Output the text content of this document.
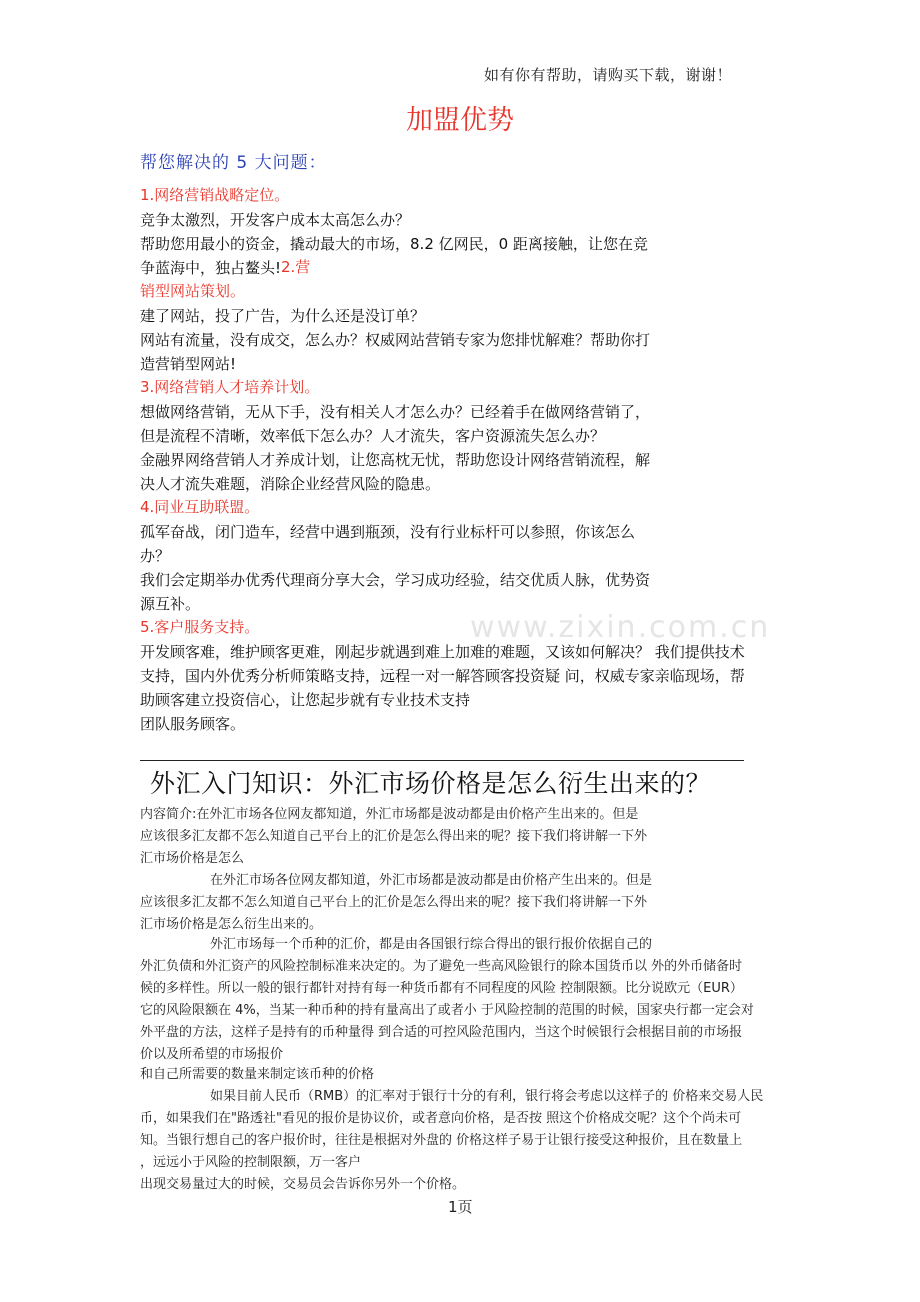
如有你有帮助，请购买下载，谢谢！
加盟优势
帮您解决的 5 大问题：
1.网络营销战略定位。
竞争太激烈，开发客户成本太高怎么办？
帮助您用最小的资金，撬动最大的市场，8.2 亿网民，0 距离接触，让您在竞
争蓝海中，独占鳌头! 2.营
销型网站策划。
建了网站，投了广告，为什么还是没订单？
网站有流量，没有成交，怎么办？权威网站营销专家为您排忧解难？帮助你打
造营销型网站!
3.网络营销人才培养计划。
想做网络营销，无从下手，没有相关人才怎么办？已经着手在做网络营销了，
但是流程不清晰，效率低下怎么办？人才流失，客户资源流失怎么办？
金融界网络营销人才养成计划，让您高枕无忧，帮助您设计网络营销流程，解
决人才流失难题，消除企业经营风险的隐患。
4.同业互助联盟。
孤军奋战，闭门造车，经营中遇到瓶颈，没有行业标杆可以参照，你该怎么
办？
我们会定期举办优秀代理商分享大会，学习成功经验，结交优质人脉，优势资
源互补。
5.客户服务支持。
开发顾客难，维护顾客更难，刚起步就遇到难上加难的难题，又该如何解决？ 我们提供技术
支持，国内外优秀分析师策略支持，远程一对一解答顾客投资疑 问，权威专家亲临现场，帮
助顾客建立投资信心，让您起步就有专业技术支持
团队服务顾客。
外汇入门知识：外汇市场价格是怎么衍生出来的？
内容简介:在外汇市场各位网友都知道，外汇市场都是波动都是由价格产生出来的。但是
应该很多汇友都不怎么知道自己平台上的汇价是怎么得出来的呢？接下我们将讲解一下外
汇市场价格是怎么
在外汇市场各位网友都知道，外汇市场都是波动都是由价格产生出来的。但是
应该很多汇友都不怎么知道自己平台上的汇价是怎么得出来的呢？接下我们将讲解一下外
汇市场价格是怎么衍生出来的。
外汇市场每一个币种的汇价，都是由各国银行综合得出的银行报价依据自己的
外汇负债和外汇资产的风险控制标准来决定的。为了避免一些高风险银行的除本国货币以 外的外币储备时
候的多样性。所以一般的银行都针对持有每一种货币都有不同程度的风险 控制限额。比分说欧元（EUR）
它的风险限额在 4%，当某一种币种的持有量高出了或者小 于风险控制的范围的时候，国家央行都一定会对
外平盘的方法，这样子是持有的币种量得 到合适的可控风险范围内，当这个时候银行会根据目前的市场报
价以及所希望的市场报价
和自己所需要的数量来制定该币种的价格
如果目前人民币（RMB）的汇率对于银行十分的有利，银行将会考虑以这样子的 价格来交易人民
币，如果我们在"路透社"看见的报价是协议价，或者意向价格，是否按 照这个价格成交呢？这个个尚未可
知。当银行想自己的客户报价时，往往是根据对外盘的 价格这样子易于让银行接受这种报价，且在数量上
，远远小于风险的控制限额，万一客户
出现交易量过大的时候，交易员会告诉你另外一个价格。
www.zixin.com.cn
1页
